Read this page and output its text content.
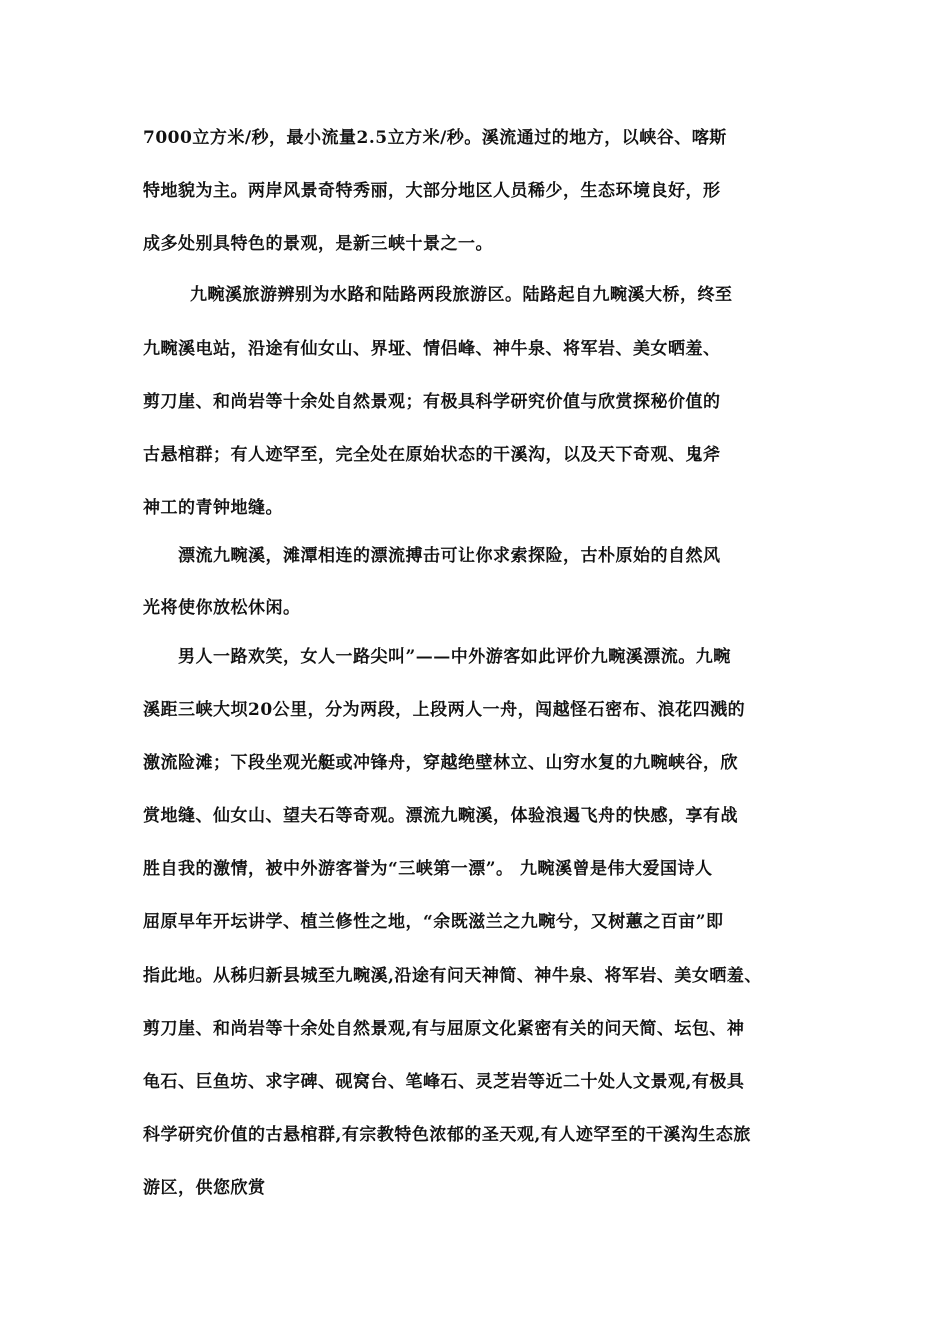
7000立方米/秒，最小流量2.5立方米/秒。溪流通过的地方，以峡谷、喀斯
特地貌为主。两岸风景奇特秀丽，大部分地区人员稀少，生态环境良好，形
成多处别具特色的景观，是新三峡十景之一。
九畹溪旅游辨别为水路和陆路两段旅游区。陆路起自九畹溪大桥，终至
九畹溪电站，沿途有仙女山、界垭、情侣峰、神牛泉、将军岩、美女晒羞、
剪刀崖、和尚岩等十余处自然景观；有极具科学研究价值与欣赏探秘价值的
古悬棺群；有人迹罕至，完全处在原始状态的干溪沟，以及天下奇观、鬼斧
神工的青钟地缝。
漂流九畹溪，滩潭相连的漂流搏击可让你求索探险，古朴原始的自然风
光将使你放松休闲。
男人一路欢笑，女人一路尖叫”——中外游客如此评价九畹溪漂流。九畹
溪距三峡大坝20公里，分为两段，上段两人一舟，闯越怪石密布、浪花四溅的
激流险滩；下段坐观光艇或冲锋舟，穿越绝壁林立、山穷水复的九畹峡谷，欣
赏地缝、仙女山、望夫石等奇观。漂流九畹溪，体验浪遏飞舟的快感，享有战
胜自我的激情，被中外游客誉为“三峡第一漂”。 九畹溪曾是伟大爱国诗人
屈原早年开坛讲学、植兰修性之地，“余既滋兰之九畹兮，又树蕙之百亩”即
指此地。从秭归新县城至九畹溪,沿途有问天神简、神牛泉、将军岩、美女晒羞、
剪刀崖、和尚岩等十余处自然景观,有与屈原文化紧密有关的问天简、坛包、神
龟石、巨鱼坊、求字碑、砚窝台、笔峰石、灵芝岩等近二十处人文景观,有极具
科学研究价值的古悬棺群,有宗教特色浓郁的圣天观,有人迹罕至的干溪沟生态旅
游区，供您欣赏
